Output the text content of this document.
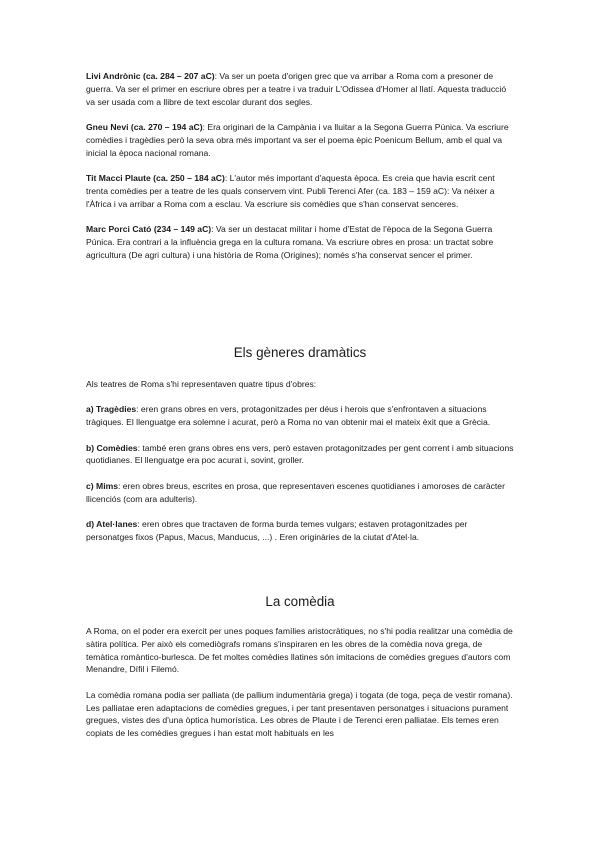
Livi Andrònic (ca. 284 – 207 aC): Va ser un poeta d'origen grec que va arribar a Roma com a presoner de guerra. Va ser el primer en escriure obres per a teatre i va traduir L'Odissea d'Homer al llatí. Aquesta traducció va ser usada com a llibre de text escolar durant dos segles.

Gneu Nevi (ca. 270 – 194 aC): Era originari de la Campània i va lluitar a la Segona Guerra Púnica. Va escriure comèdies i tragèdies però la seva obra més important va ser el poema èpic Poenicum Bellum, amb el qual va inicial la època nacional romana.

Tit Macci Plaute (ca. 250 – 184 aC): L'autor més important d'aquesta època. Es creia que havia escrit cent trenta comèdies per a teatre de les quals conservem vint. Publi Terenci Afer (ca. 183 – 159 aC): Va néixer a l'Àfrica i va arribar a Roma com a esclau. Va escriure sis comèdies que s'han conservat senceres.

Marc Porci Cató (234 – 149 aC): Va ser un destacat militar i home d'Estat de l'època de la Segona Guerra Púnica. Era contrari a la influència grega en la cultura romana. Va escriure obres en prosa: un tractat sobre agricultura (De agri cultura) i una història de Roma (Origines); només s'ha conservat sencer el primer.

Els gèneres dramàtics

Als teatres de Roma s'hi representaven quatre tipus d'obres:

a) Tragèdies: eren grans obres en vers, protagonitzades per déus i herois que s'enfrontaven a situacions tràgiques. El llenguatge era solemne i acurat, però a Roma no van obtenir mai el mateix èxit que a Grècia.

b) Comèdies: també eren grans obres ens vers, però estaven protagonitzades per gent corrent i amb situacions quotidianes. El llenguatge era poc acurat i, sovint, groller.

c) Mims: eren obres breus, escrites en prosa, que representaven escenes quotidianes i amoroses de caràcter llicenciós (com ara adulteris).

d) Atel·lanes: eren obres que tractaven de forma burda temes vulgars; estaven protagonitzades per personatges fixos (Papus, Macus, Manducus, ...) . Eren originàries de la ciutat d'Atel·la.

La comèdia

A Roma, on el poder era exercit per unes poques famílies aristocràtiques, no s'hi podia realitzar una comèdia de sàtira política. Per això els comediògrafs romans s'inspiraren en les obres de la comèdia nova grega, de temàtica romàntico-burlesca. De fet moltes comèdies llatines són imitacions de comèdies gregues d'autors com Menandre, Dífil i Filemó.

La comèdia romana podia ser palliata (de pallium indumentària grega) i togata (de toga, peça de vestir romana). Les palliatae eren adaptacions de comèdies gregues, i per tant presentaven personatges i situacions purament gregues, vistes des d'una òptica humorística. Les obres de Plaute i de Terenci eren palliatae. Els temes eren copiats de les comèdies gregues i han estat molt habituals en les
